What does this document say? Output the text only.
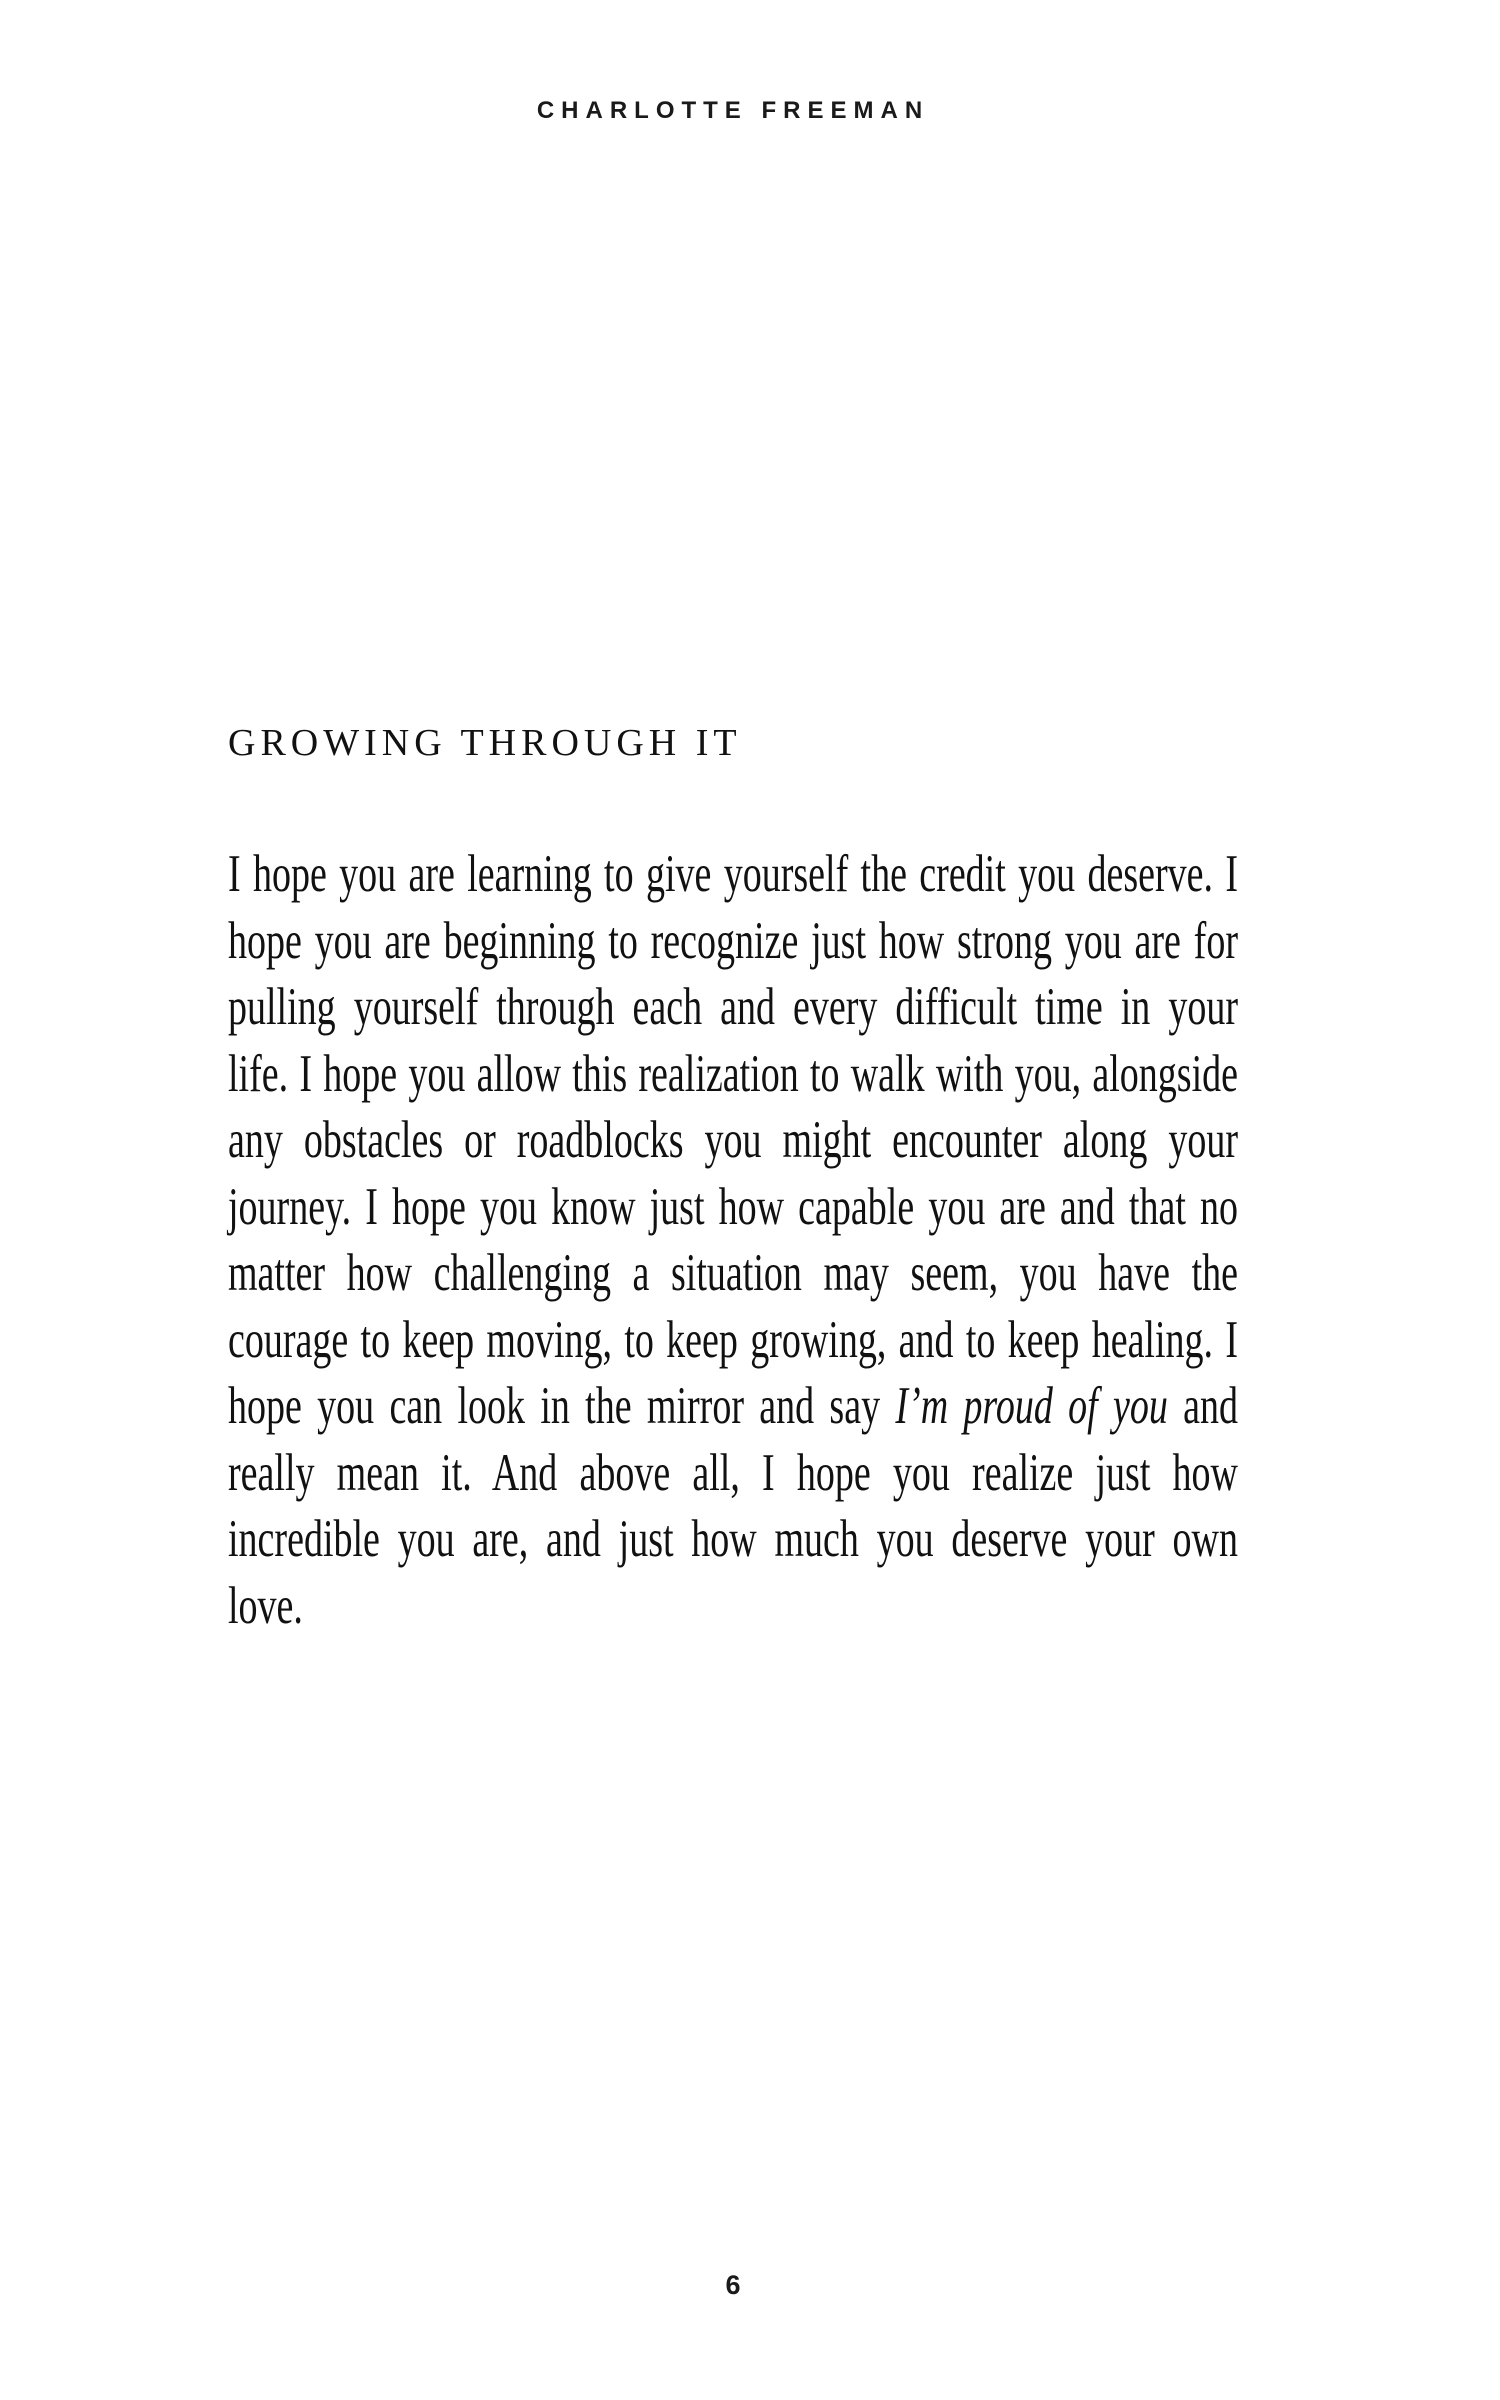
CHARLOTTE FREEMAN
GROWING THROUGH IT

I hope you are learning to give yourself the credit you deserve. I hope you are beginning to recognize just how strong you are for pulling yourself through each and every difficult time in your life. I hope you allow this realization to walk with you, alongside any obstacles or roadblocks you might encounter along your journey. I hope you know just how capable you are and that no matter how challenging a situation may seem, you have the courage to keep moving, to keep growing, and to keep healing. I hope you can look in the mirror and say I’m proud of you and really mean it. And above all, I hope you realize just how incredible you are, and just how much you deserve your own love.

6
